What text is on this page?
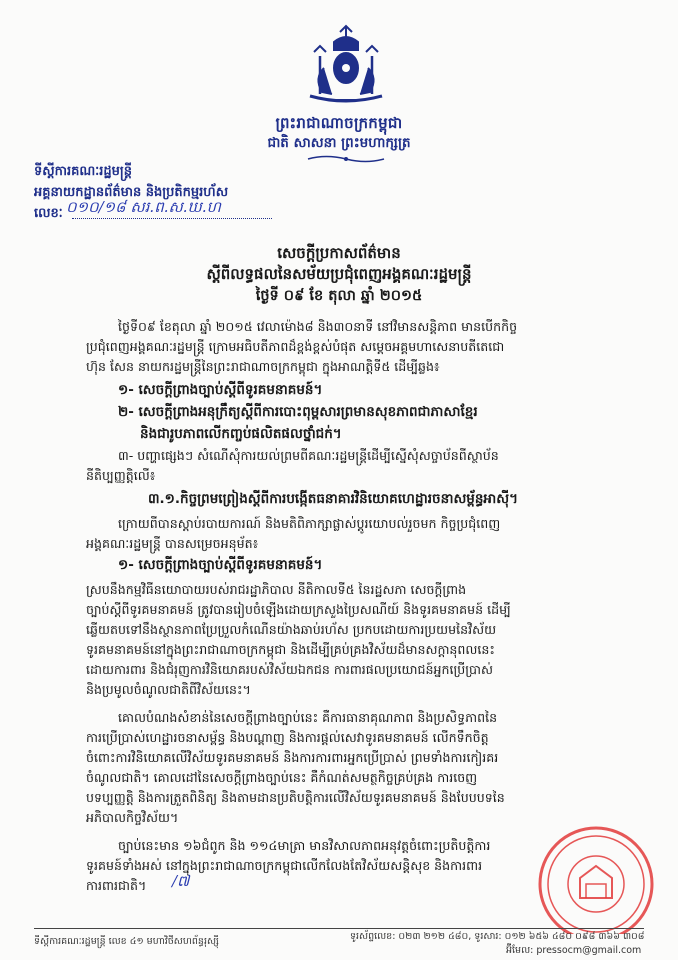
ព្រះរាជាណាចក្រកម្ពុជា
ជាតិ សាសនា ព្រះមហាក្សត្រ
ទីស្ដីការគណៈរដ្ឋមន្ត្រី
អគ្គនាយកដ្ឋានព័ត៌មាន និងប្រតិកម្មរហ័ស
លេខៈ ០១០/១៨ សរ.ព.ស.ឃ.ហ
សេចក្ដីប្រកាសព័ត៌មាន
ស្ដីពីលទ្ធផលនៃសម័យប្រជុំពេញអង្គគណៈរដ្ឋមន្ត្រី
ថ្ងៃទី ០៩ ខែ តុលា ឆ្នាំ ២០១៥
ថ្ងៃទី០៩ ខែតុលា ឆ្នាំ ២០១៥ វេលាម៉ោង៨ និង៣០នាទី នៅវិមានសន្តិភាព មានបើកកិច្ច
ប្រជុំពេញអង្គគណៈរដ្ឋមន្ត្រី ក្រោមអធិបតីភាពដ៏ខ្ពង់ខ្ពស់បំផុត សម្ដេចអគ្គមហាសេនាបតីតេជោ
ហ៊ុន សែន នាយករដ្ឋមន្ត្រីនៃព្រះរាជាណាចក្រកម្ពុជា ក្នុងអាណត្តិទី៥ ដើម្បីឆ្លង៖
១- សេចក្ដីព្រាងច្បាប់ស្ដីពីទូរគមនាគមន៍។
២- សេចក្ដីព្រាងអនុក្រឹត្យស្ដីពីការបោះពុម្ពសារព្រមានសុខភាពជាភាសាខ្មែរ
និងជារូបភាពលើកញ្ចប់ផលិតផលថ្នាំជក់។
៣- បញ្ហាផ្សេងៗ សំណើសុំការយល់ព្រមពីគណៈរដ្ឋមន្ត្រីដើម្បីស្នើសុំសច្ចាប័នពីស្ថាប័ន
នីតិប្បញ្ញត្តិលើ៖
៣.១.កិច្ចព្រមព្រៀងស្ដីពីការបង្កើតធនាគារវិនិយោគហេដ្ឋារចនាសម្ព័ន្ធអាស៊ី។
ក្រោយពីបានស្ដាប់របាយការណ៍ និងមតិពិភាក្សាផ្លាស់ប្ដូរយោបល់រួចមក កិច្ចប្រជុំពេញ
អង្គគណៈរដ្ឋមន្ត្រី បានសម្រេចអនុម័ត៖
១- សេចក្ដីព្រាងច្បាប់ស្ដីពីទូរគមនាគមន៍។
ស្របនឹងកម្មវិធីនយោបាយរបស់រាជរដ្ឋាភិបាល នីតិកាលទី៥ នៃរដ្ឋសភា សេចក្ដីព្រាង
ច្បាប់ស្ដីពីទូរគមនាគមន៍ ត្រូវបានរៀបចំឡើងដោយក្រសួងប្រៃសណីយ៍ និងទូរគមនាគមន៍ ដើម្បី
ឆ្លើយតបទៅនឹងស្ថានភាពប្រែប្រួលកំណើនយ៉ាងឆាប់រហ័ស ប្រកបដោយការប្រយមនៃវិស័យ
ទូរគមនាគមន៍នៅក្នុងព្រះរាជាណាចក្រកម្ពុជា និងដើម្បីគ្រប់គ្រងវិស័យដ៏មានសក្ដានុពលនេះ
ដោយការពារ និងជំរុញការវិនិយោគរបស់វិស័យឯកជន ការពារផលប្រយោជន៍អ្នកប្រើប្រាស់
និងប្រមូលចំណូលជាតិពីវិស័យនេះ។
គោលបំណងសំខាន់នៃសេចក្ដីព្រាងច្បាប់នេះ គឺការធានាគុណភាព និងប្រសិទ្ធភាពនៃ
ការប្រើប្រាស់ហេដ្ឋារចនាសម្ព័ន្ធ និងបណ្ដាញ និងការផ្ដល់សេវាទូរគមនាគមន៍ លើកទឹកចិត្ត
ចំពោះការវិនិយោគលើវិស័យទូរគមនាគមន៍ និងការការពារអ្នកប្រើប្រាស់ ព្រមទាំងការកៀរគរ
ចំណូលជាតិ។ គោលដៅនៃសេចក្ដីព្រាងច្បាប់នេះ គឺកំណត់សមត្ថកិច្ចគ្រប់គ្រង ការចេញ
បទប្បញ្ញត្តិ និងការត្រួតពិនិត្យ និងតាមដានប្រតិបត្តិការលើវិស័យទូរគមនាគមន៍ និងបែបបទនៃ
អភិបាលកិច្ចវិស័យ។
ច្បាប់នេះមាន ១៦ជំពូក និង ១១៤មាត្រា មានវិសាលភាពអនុវត្តចំពោះប្រតិបត្តិការ
ទូរគមន៍ទាំងអស់ នៅក្នុងព្រះរាជាណាចក្រកម្ពុជាលើកលែងតែវិស័យសន្តិសុខ និងការពារ
ការពារជាតិ។	/៧
ទីស្ដីការគណៈរដ្ឋមន្ត្រី លេខ ៤១ មហាវិថីសហព័ន្ធរុស្ស៊ី	ទូរស័ព្ទលេខ: ០២៣ ២១២ ៤៨០, ទូរសារ: ០១២ ៦៥៦ ៤៨០ ០៩៨ ៣៦៦ ៣០៨
អ៊ីមែល: pressocm@gmail.com
